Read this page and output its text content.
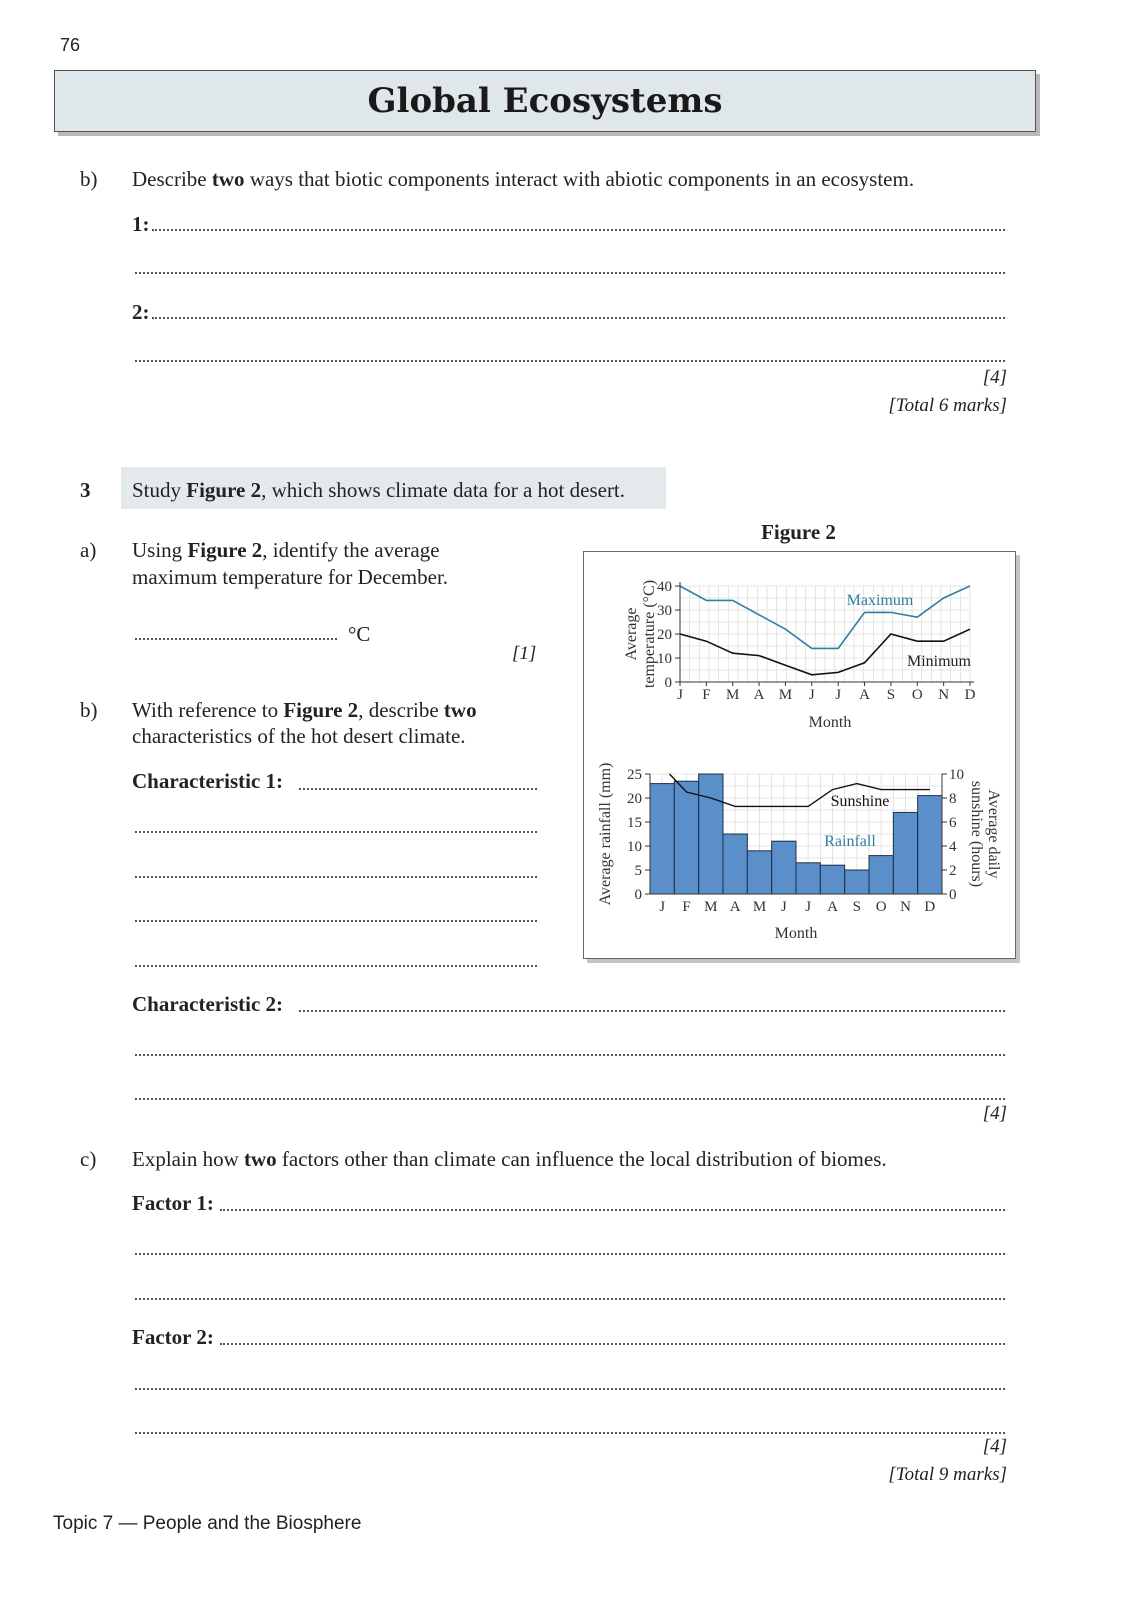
76
Global Ecosystems
b) Describe two ways that biotic components interact with abiotic components in an ecosystem.
1:
2:
[4]
[Total 6 marks]
3 Study Figure 2, which shows climate data for a hot desert.
a) Using Figure 2, identify the average
maximum temperature for December.
°C
[1]
b) With reference to Figure 2, describe two
characteristics of the hot desert climate.
Characteristic 1:
Characteristic 2:
[4]
Figure 2
0
10
20
30
40
J F M A M J J A S O N D
Month
Average temperature (°C)	Maximum
Minimum
0
5
10
15
20
25
0
2
4
6
8
10
J F M A M J J A S O N D
Month
Average rainfall (mm)	Average daily
sunshine (hours)
Sunshine
Rainfall
c) Explain how two factors other than climate can influence the local distribution of biomes.
Factor 1:
Factor 2:
[4]
[Total 9 marks]
Topic 7 — People and the Biosphere
